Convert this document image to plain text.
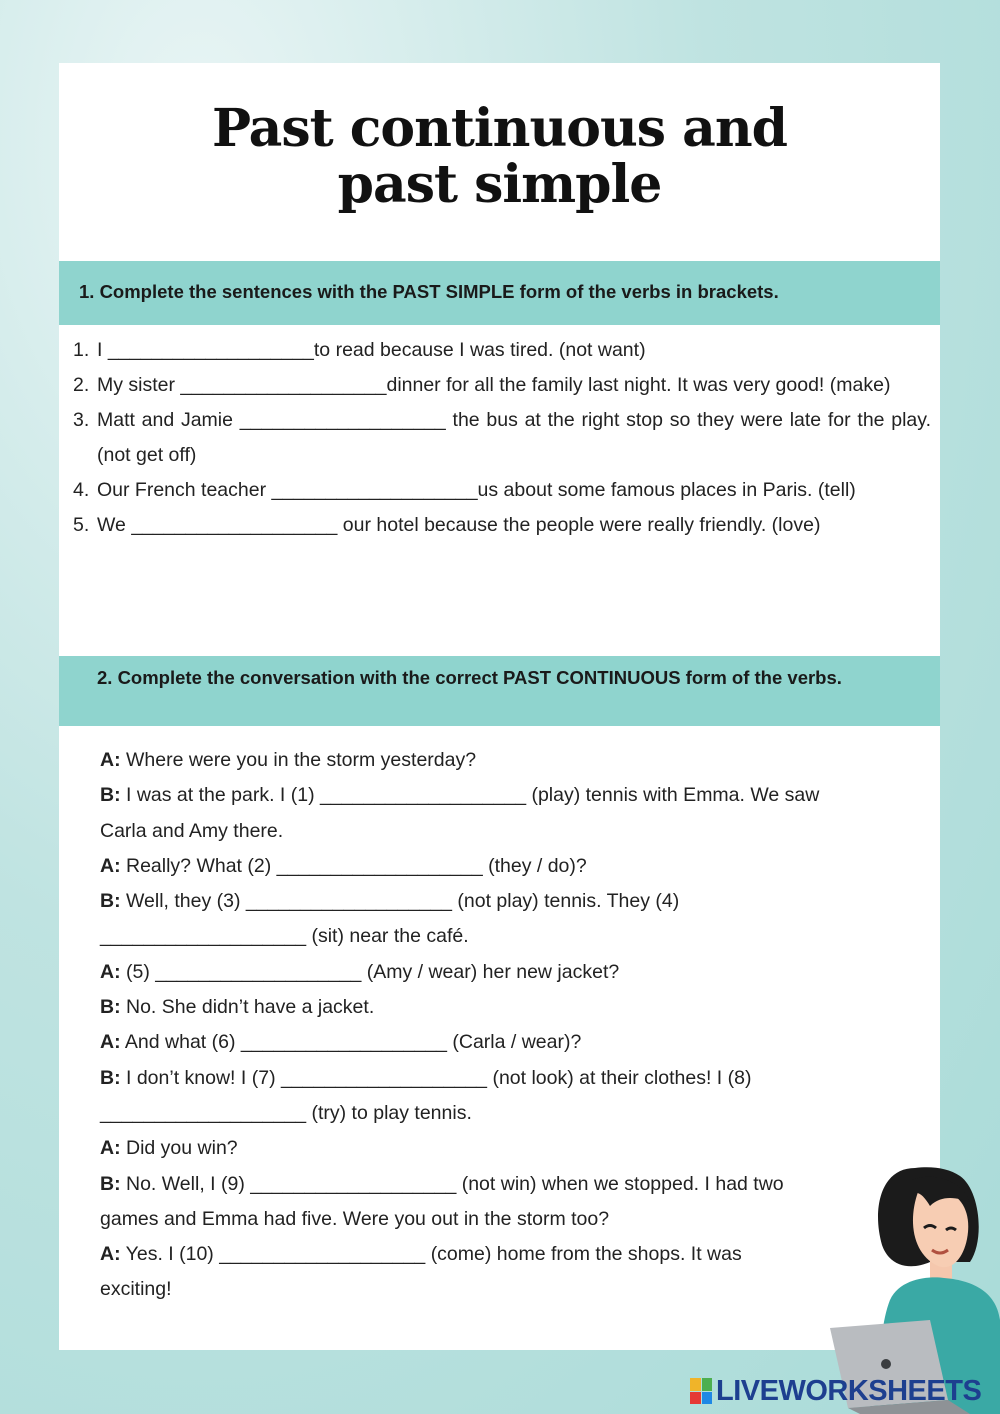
Past continuous and
past simple
1. Complete the sentences with the PAST SIMPLE form of the verbs in brackets.
1. I ___________________to read because I was tired. (not want)
2. My sister ___________________dinner for all the family last night. It was very good! (make)
3. Matt and Jamie ___________________ the bus at the right stop so they were late for the play. (not get off)
4. Our French teacher ___________________us about some famous places in Paris. (tell)
5. We ___________________ our hotel because the people were really friendly. (love)
2. Complete the conversation with the correct PAST CONTINUOUS form of the verbs.
A: Where were you in the storm yesterday?
B: I was at the park. I (1) ___________________ (play) tennis with Emma. We saw
Carla and Amy there.
A: Really? What (2) ___________________ (they / do)?
B: Well, they (3) ___________________ (not play) tennis. They (4)
___________________ (sit) near the café.
A: (5) ___________________ (Amy / wear) her new jacket?
B: No. She didn’t have a jacket.
A: And what (6) ___________________ (Carla / wear)?
B: I don’t know! I (7) ___________________ (not look) at their clothes! I (8)
___________________ (try) to play tennis.
A: Did you win?
B: No. Well, I (9) ___________________ (not win) when we stopped. I had two
games and Emma had five. Were you out in the storm too?
A: Yes. I (10) ___________________ (come) home from the shops. It was
exciting!
LIVEWORKSHEETS
